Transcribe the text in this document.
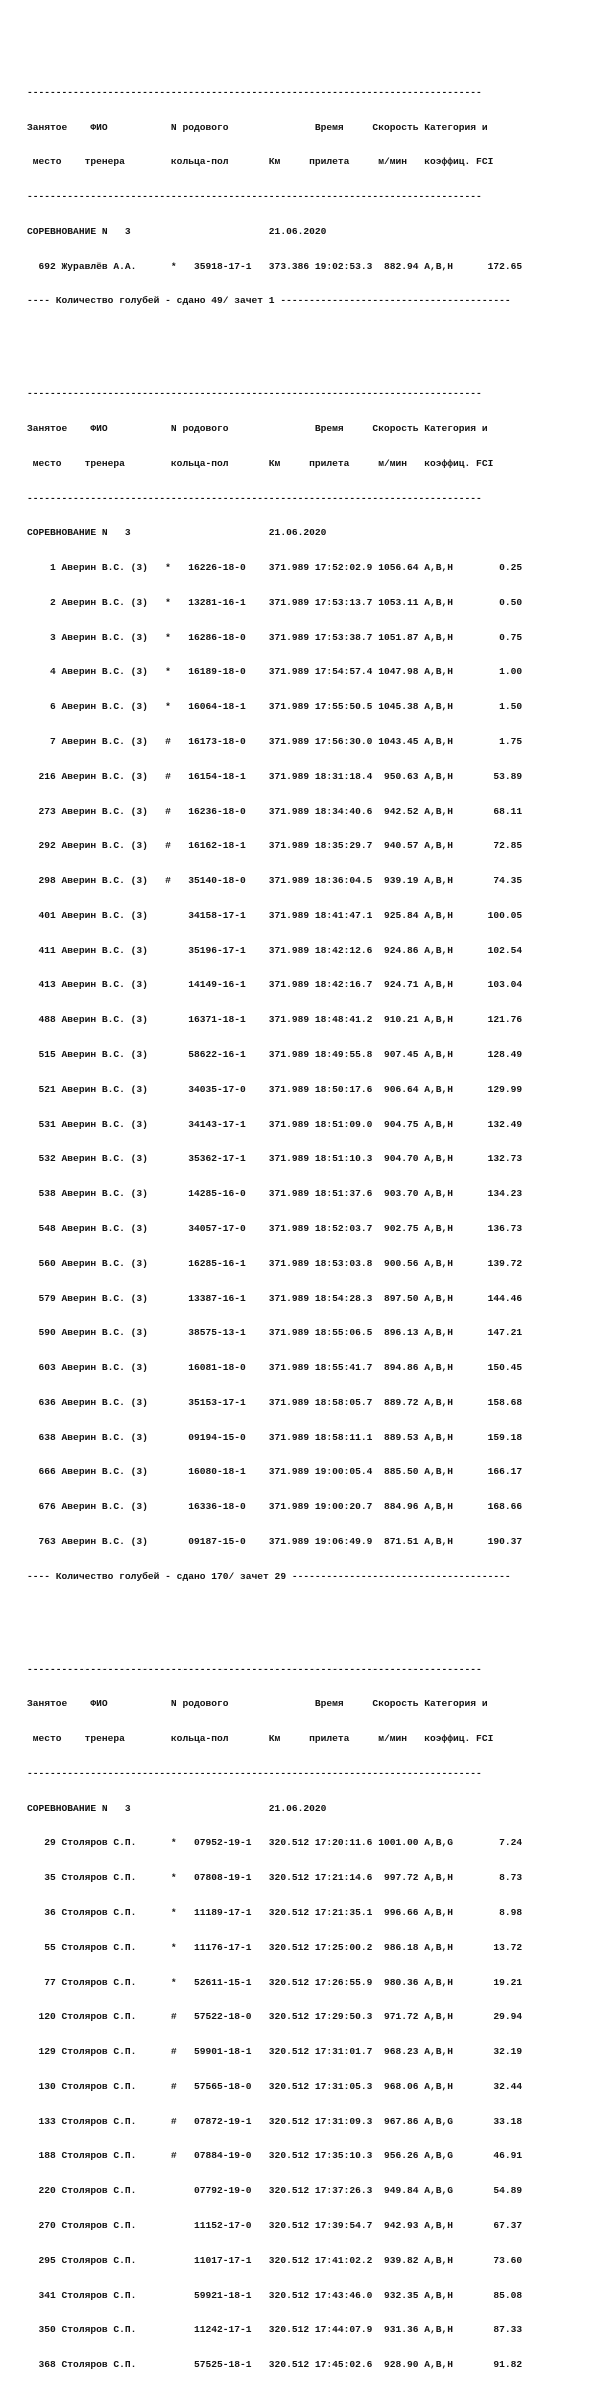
-------------------------------------------------------------------------------

Занятое    ФИО           N родового               Время     Скорость Категория и

место    тренера        кольца-пол       Км     прилета     м/мин   коэффиц. FCI

-------------------------------------------------------------------------------

СОРЕВНОВАНИЕ N   3                        21.06.2020

692 Журавлёв А.А.      *   35918-17-1   373.386 19:02:53.3  882.94 A,B,H      172.65

---- Количество голубей - сдано 49/ зачет 1 ----------------------------------------

-------------------------------------------------------------------------------

Занятое    ФИО           N родового               Время     Скорость Категория и

место    тренера        кольца-пол       Км     прилета     м/мин   коэффиц. FCI

-------------------------------------------------------------------------------

СОРЕВНОВАНИЕ N   3                        21.06.2020

1 Аверин В.С. (3)   *   16226-18-0    371.989 17:52:02.9 1056.64 A,B,H        0.25

2 Аверин В.С. (3)   *   13281-16-1    371.989 17:53:13.7 1053.11 A,B,H        0.50

3 Аверин В.С. (3)   *   16286-18-0    371.989 17:53:38.7 1051.87 A,B,H        0.75

4 Аверин В.С. (3)   *   16189-18-0    371.989 17:54:57.4 1047.98 A,B,H        1.00

6 Аверин В.С. (3)   *   16064-18-1    371.989 17:55:50.5 1045.38 A,B,H        1.50

7 Аверин В.С. (3)   #   16173-18-0    371.989 17:56:30.0 1043.45 A,B,H        1.75

216 Аверин В.С. (3)   #   16154-18-1    371.989 18:31:18.4  950.63 A,B,H       53.89

273 Аверин В.С. (3)   #   16236-18-0    371.989 18:34:40.6  942.52 A,B,H       68.11

292 Аверин В.С. (3)   #   16162-18-1    371.989 18:35:29.7  940.57 A,B,H       72.85

298 Аверин В.С. (3)   #   35140-18-0    371.989 18:36:04.5  939.19 A,B,H       74.35

401 Аверин В.С. (3)       34158-17-1    371.989 18:41:47.1  925.84 A,B,H      100.05

411 Аверин В.С. (3)       35196-17-1    371.989 18:42:12.6  924.86 A,B,H      102.54

413 Аверин В.С. (3)       14149-16-1    371.989 18:42:16.7  924.71 A,B,H      103.04

488 Аверин В.С. (3)       16371-18-1    371.989 18:48:41.2  910.21 A,B,H      121.76

515 Аверин В.С. (3)       58622-16-1    371.989 18:49:55.8  907.45 A,B,H      128.49

521 Аверин В.С. (3)       34035-17-0    371.989 18:50:17.6  906.64 A,B,H      129.99

531 Аверин В.С. (3)       34143-17-1    371.989 18:51:09.0  904.75 A,B,H      132.49

532 Аверин В.С. (3)       35362-17-1    371.989 18:51:10.3  904.70 A,B,H      132.73

538 Аверин В.С. (3)       14285-16-0    371.989 18:51:37.6  903.70 A,B,H      134.23

548 Аверин В.С. (3)       34057-17-0    371.989 18:52:03.7  902.75 A,B,H      136.73

560 Аверин В.С. (3)       16285-16-1    371.989 18:53:03.8  900.56 A,B,H      139.72

579 Аверин В.С. (3)       13387-16-1    371.989 18:54:28.3  897.50 A,B,H      144.46

590 Аверин В.С. (3)       38575-13-1    371.989 18:55:06.5  896.13 A,B,H      147.21

603 Аверин В.С. (3)       16081-18-0    371.989 18:55:41.7  894.86 A,B,H      150.45

636 Аверин В.С. (3)       35153-17-1    371.989 18:58:05.7  889.72 A,B,H      158.68

638 Аверин В.С. (3)       09194-15-0    371.989 18:58:11.1  889.53 A,B,H      159.18

666 Аверин В.С. (3)       16080-18-1    371.989 19:00:05.4  885.50 A,B,H      166.17

676 Аверин В.С. (3)       16336-18-0    371.989 19:00:20.7  884.96 A,B,H      168.66

763 Аверин В.С. (3)       09187-15-0    371.989 19:06:49.9  871.51 A,B,H      190.37

---- Количество голубей - сдано 170/ зачет 29 --------------------------------------

-------------------------------------------------------------------------------

Занятое    ФИО           N родового               Время     Скорость Категория и

место    тренера        кольца-пол       Км     прилета     м/мин   коэффиц. FCI

-------------------------------------------------------------------------------

СОРЕВНОВАНИЕ N   3                        21.06.2020

29 Столяров С.П.      *   07952-19-1   320.512 17:20:11.6 1001.00 A,B,G        7.24

35 Столяров С.П.      *   07808-19-1   320.512 17:21:14.6  997.72 A,B,H        8.73

36 Столяров С.П.      *   11189-17-1   320.512 17:21:35.1  996.66 A,B,H        8.98

55 Столяров С.П.      *   11176-17-1   320.512 17:25:00.2  986.18 A,B,H       13.72

77 Столяров С.П.      *   52611-15-1   320.512 17:26:55.9  980.36 A,B,H       19.21

120 Столяров С.П.      #   57522-18-0   320.512 17:29:50.3  971.72 A,B,H       29.94

129 Столяров С.П.      #   59901-18-1   320.512 17:31:01.7  968.23 A,B,H       32.19

130 Столяров С.П.      #   57565-18-0   320.512 17:31:05.3  968.06 A,B,H       32.44

133 Столяров С.П.      #   07872-19-1   320.512 17:31:09.3  967.86 A,B,G       33.18

188 Столяров С.П.      #   07884-19-0   320.512 17:35:10.3  956.26 A,B,G       46.91

220 Столяров С.П.          07792-19-0   320.512 17:37:26.3  949.84 A,B,G       54.89

270 Столяров С.П.          11152-17-0   320.512 17:39:54.7  942.93 A,B,H       67.37

295 Столяров С.П.          11017-17-1   320.512 17:41:02.2  939.82 A,B,H       73.60

341 Столяров С.П.          59921-18-1   320.512 17:43:46.0  932.35 A,B,H       85.08

350 Столяров С.П.          11242-17-1   320.512 17:44:07.9  931.36 A,B,H       87.33

368 Столяров С.П.          57525-18-1   320.512 17:45:02.6  928.90 A,B,H       91.82
